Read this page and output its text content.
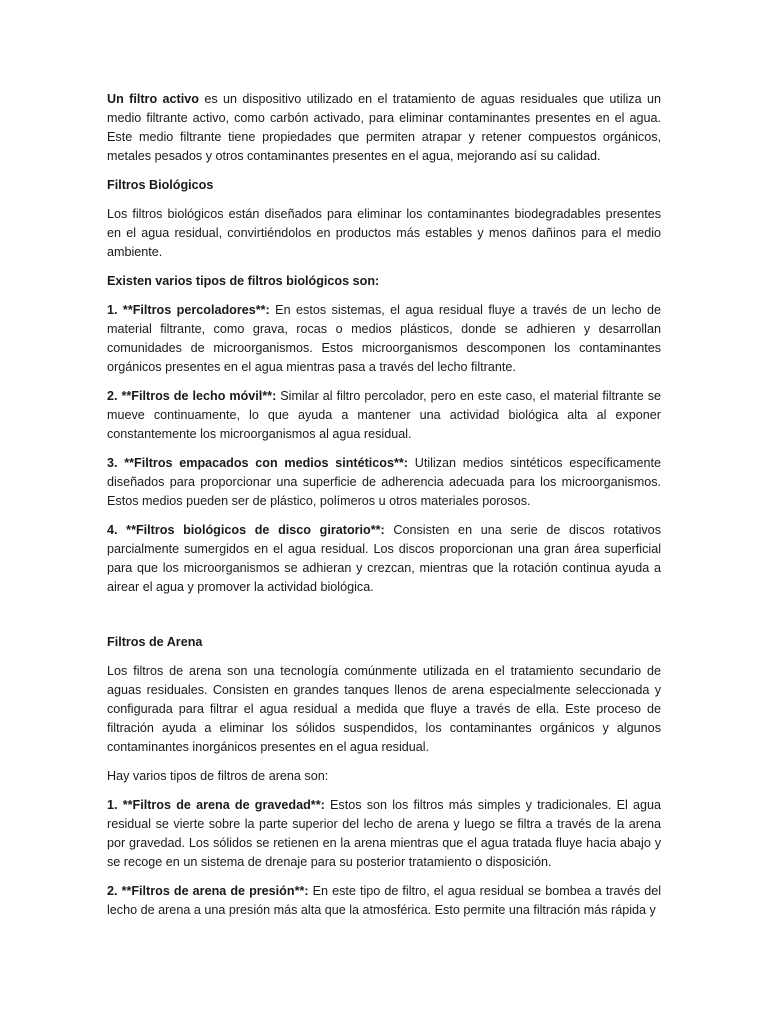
Un filtro activo es un dispositivo utilizado en el tratamiento de aguas residuales que utiliza un medio filtrante activo, como carbón activado, para eliminar contaminantes presentes en el agua. Este medio filtrante tiene propiedades que permiten atrapar y retener compuestos orgánicos, metales pesados y otros contaminantes presentes en el agua, mejorando así su calidad.

Filtros Biológicos

Los filtros biológicos están diseñados para eliminar los contaminantes biodegradables presentes en el agua residual, convirtiéndolos en productos más estables y menos dañinos para el medio ambiente.

Existen varios tipos de filtros biológicos son:

1. **Filtros percoladores**: En estos sistemas, el agua residual fluye a través de un lecho de material filtrante, como grava, rocas o medios plásticos, donde se adhieren y desarrollan comunidades de microorganismos. Estos microorganismos descomponen los contaminantes orgánicos presentes en el agua mientras pasa a través del lecho filtrante.

2. **Filtros de lecho móvil**: Similar al filtro percolador, pero en este caso, el material filtrante se mueve continuamente, lo que ayuda a mantener una actividad biológica alta al exponer constantemente los microorganismos al agua residual.

3. **Filtros empacados con medios sintéticos**: Utilizan medios sintéticos específicamente diseñados para proporcionar una superficie de adherencia adecuada para los microorganismos. Estos medios pueden ser de plástico, polímeros u otros materiales porosos.

4. **Filtros biológicos de disco giratorio**: Consisten en una serie de discos rotativos parcialmente sumergidos en el agua residual. Los discos proporcionan una gran área superficial para que los microorganismos se adhieran y crezcan, mientras que la rotación continua ayuda a airear el agua y promover la actividad biológica.

Filtros de Arena

Los filtros de arena son una tecnología comúnmente utilizada en el tratamiento secundario de aguas residuales. Consisten en grandes tanques llenos de arena especialmente seleccionada y configurada para filtrar el agua residual a medida que fluye a través de ella. Este proceso de filtración ayuda a eliminar los sólidos suspendidos, los contaminantes orgánicos y algunos contaminantes inorgánicos presentes en el agua residual.

Hay varios tipos de filtros de arena son:

1. **Filtros de arena de gravedad**: Estos son los filtros más simples y tradicionales. El agua residual se vierte sobre la parte superior del lecho de arena y luego se filtra a través de la arena por gravedad. Los sólidos se retienen en la arena mientras que el agua tratada fluye hacia abajo y se recoge en un sistema de drenaje para su posterior tratamiento o disposición.

2. **Filtros de arena de presión**: En este tipo de filtro, el agua residual se bombea a través del lecho de arena a una presión más alta que la atmosférica. Esto permite una filtración más rápida y
